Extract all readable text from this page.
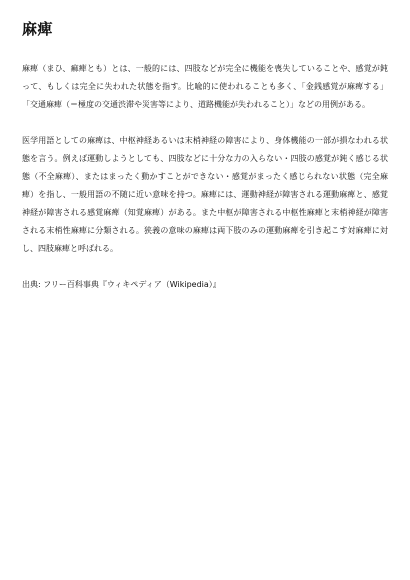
麻痺

麻痺（まひ、痲痺とも）とは、一般的には、四肢などが完全に機能を喪失していることや、感覚が鈍って、もしくは完全に失われた状態を指す。比喩的に使われることも多く、「金銭感覚が麻痺する」「交通麻痺（＝極度の交通渋滞や災害等により、道路機能が失われること）」などの用例がある。

医学用語としての麻痺は、中枢神経あるいは末梢神経の障害により、身体機能の一部が損なわれる状態を言う。例えば運動しようとしても、四肢などに十分な力の入らない・四肢の感覚が鈍く感じる状態（不全麻痺）、またはまったく動かすことができない・感覚がまったく感じられない状態（完全麻痺）を指し、一般用語の不随に近い意味を持つ。麻痺には、運動神経が障害される運動麻痺と、感覚神経が障害される感覚麻痺（知覚麻痺）がある。また中枢が障害される中枢性麻痺と末梢神経が障害される末梢性麻痺に分類される。狭義の意味の麻痺は両下肢のみの運動麻痺を引き起こす対麻痺に対し、四肢麻痺と呼ばれる。

出典: フリー百科事典『ウィキペディア（Wikipedia）』
